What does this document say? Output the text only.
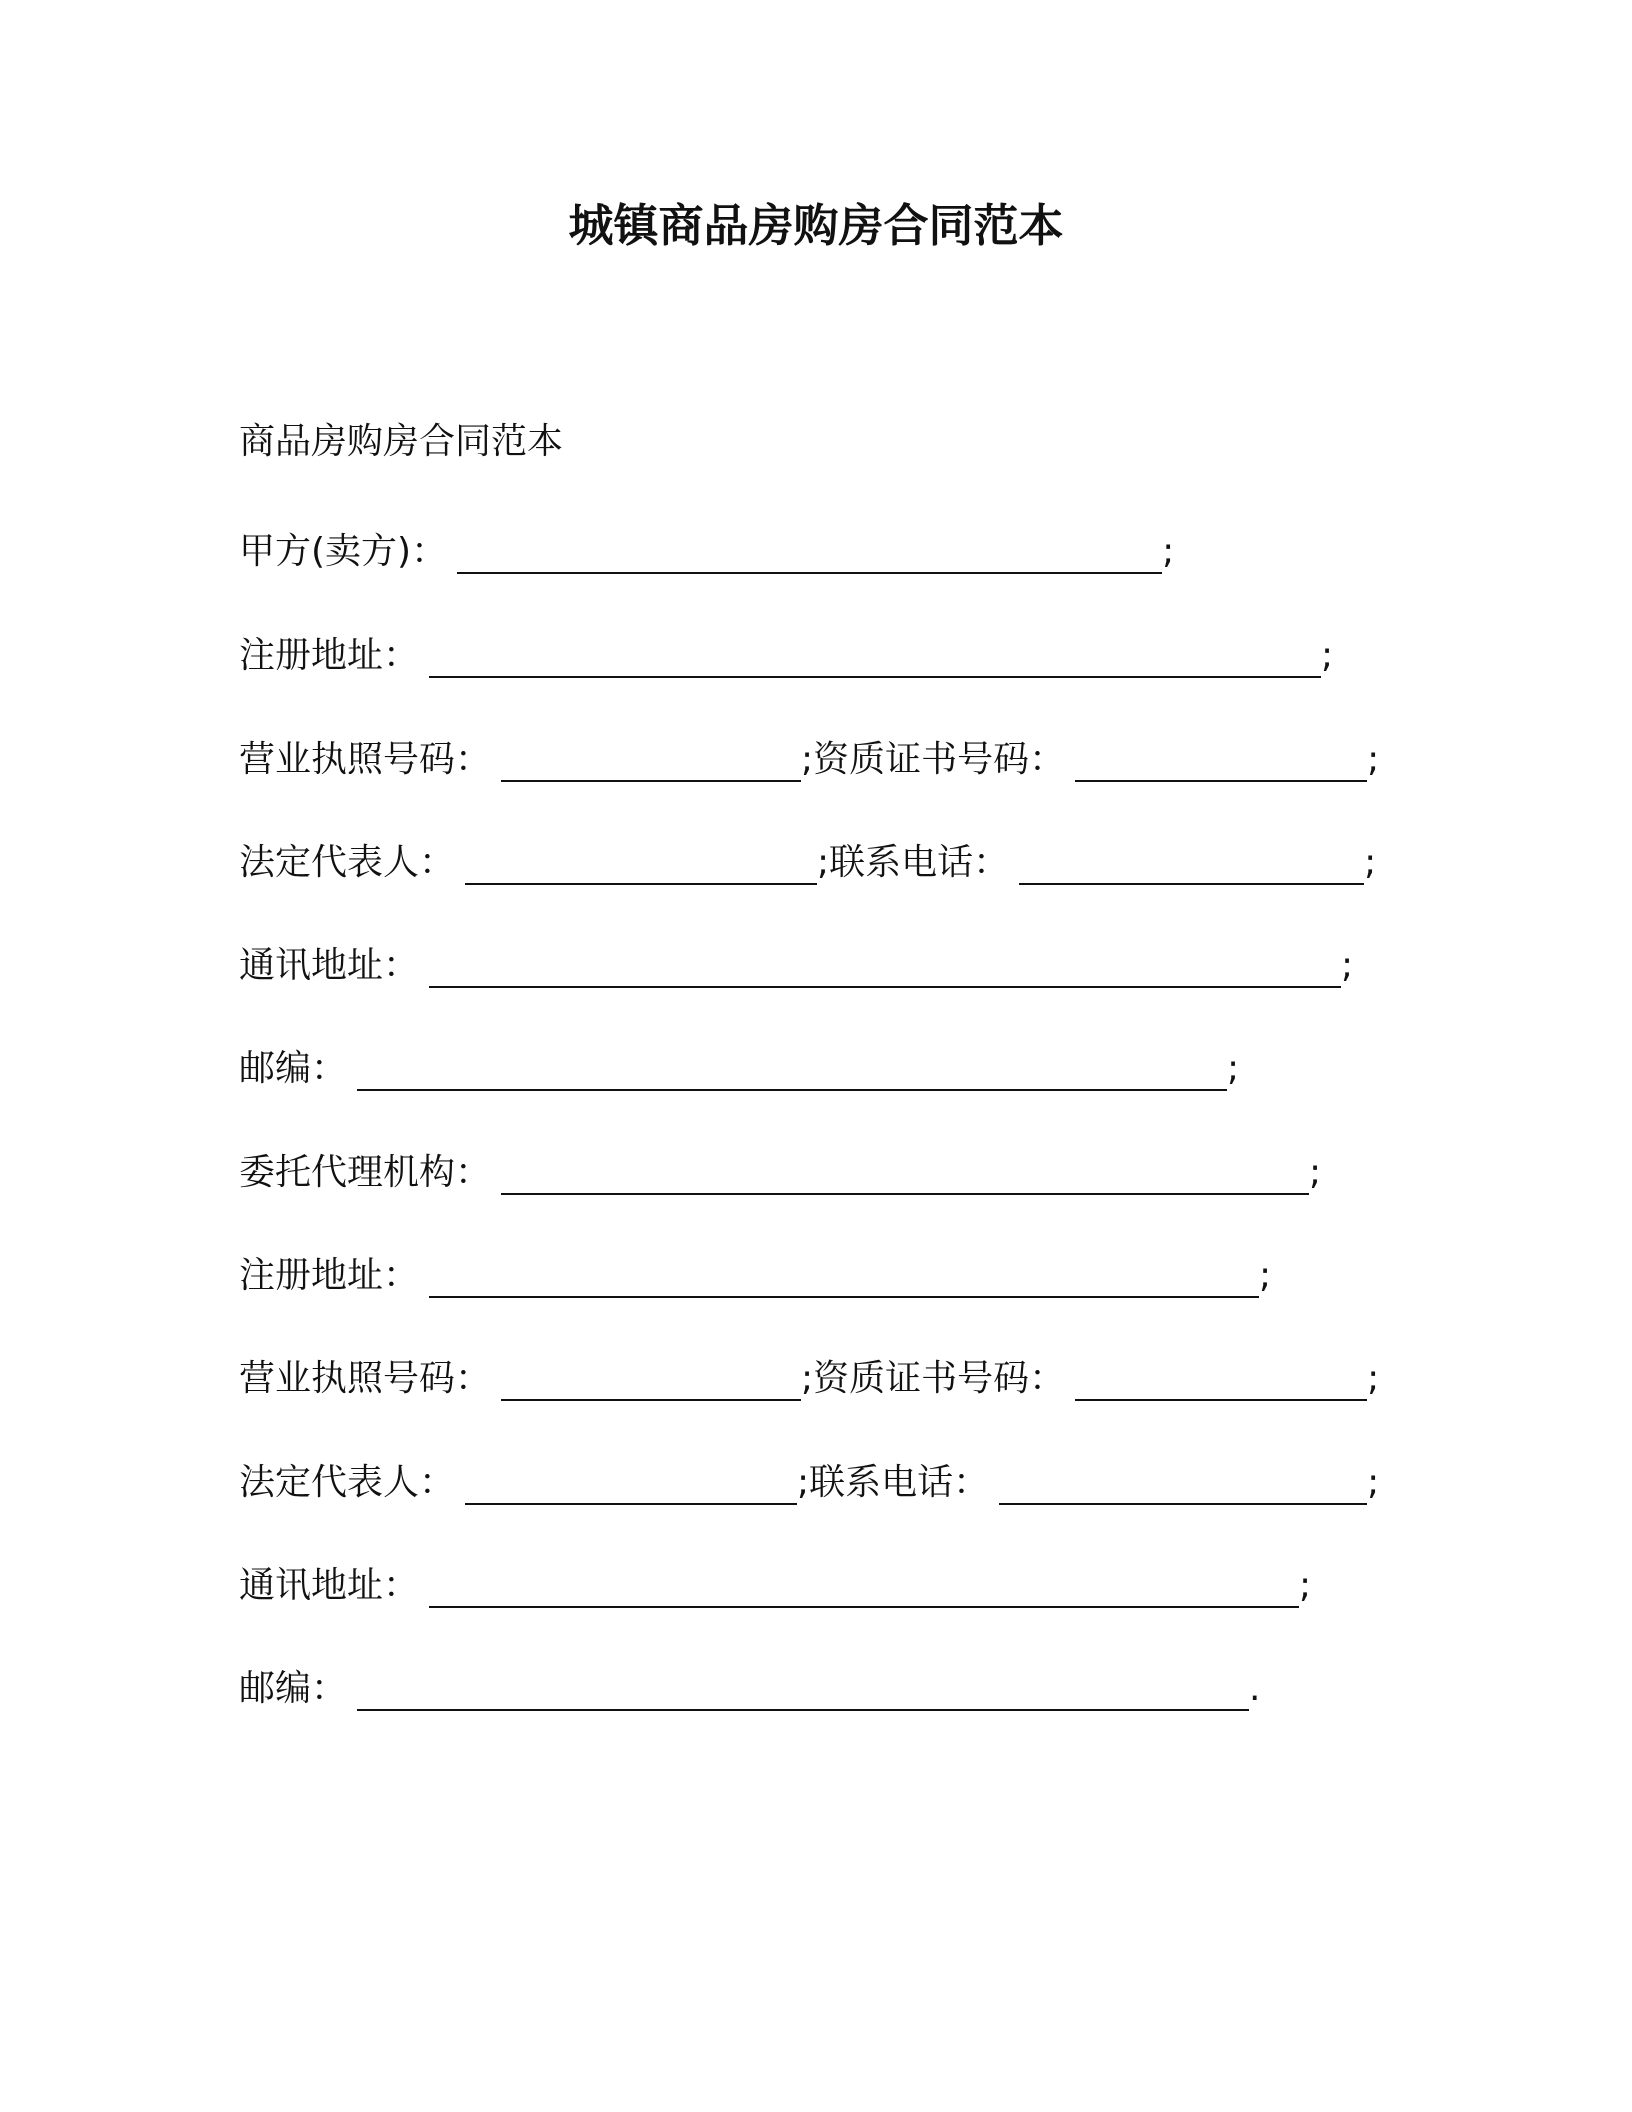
城镇商品房购房合同范本
商品房购房合同范本
甲方(卖方)：	;
注册地址：	;
营业执照号码：	; 资质证书号码：	;
法定代表人：	; 联系电话：	;
通讯地址：	;
邮编：	;
委托代理机构：	;
注册地址：	;
营业执照号码：	; 资质证书号码：	;
法定代表人：	; 联系电话：	;
通讯地址：	;
邮编：	.
